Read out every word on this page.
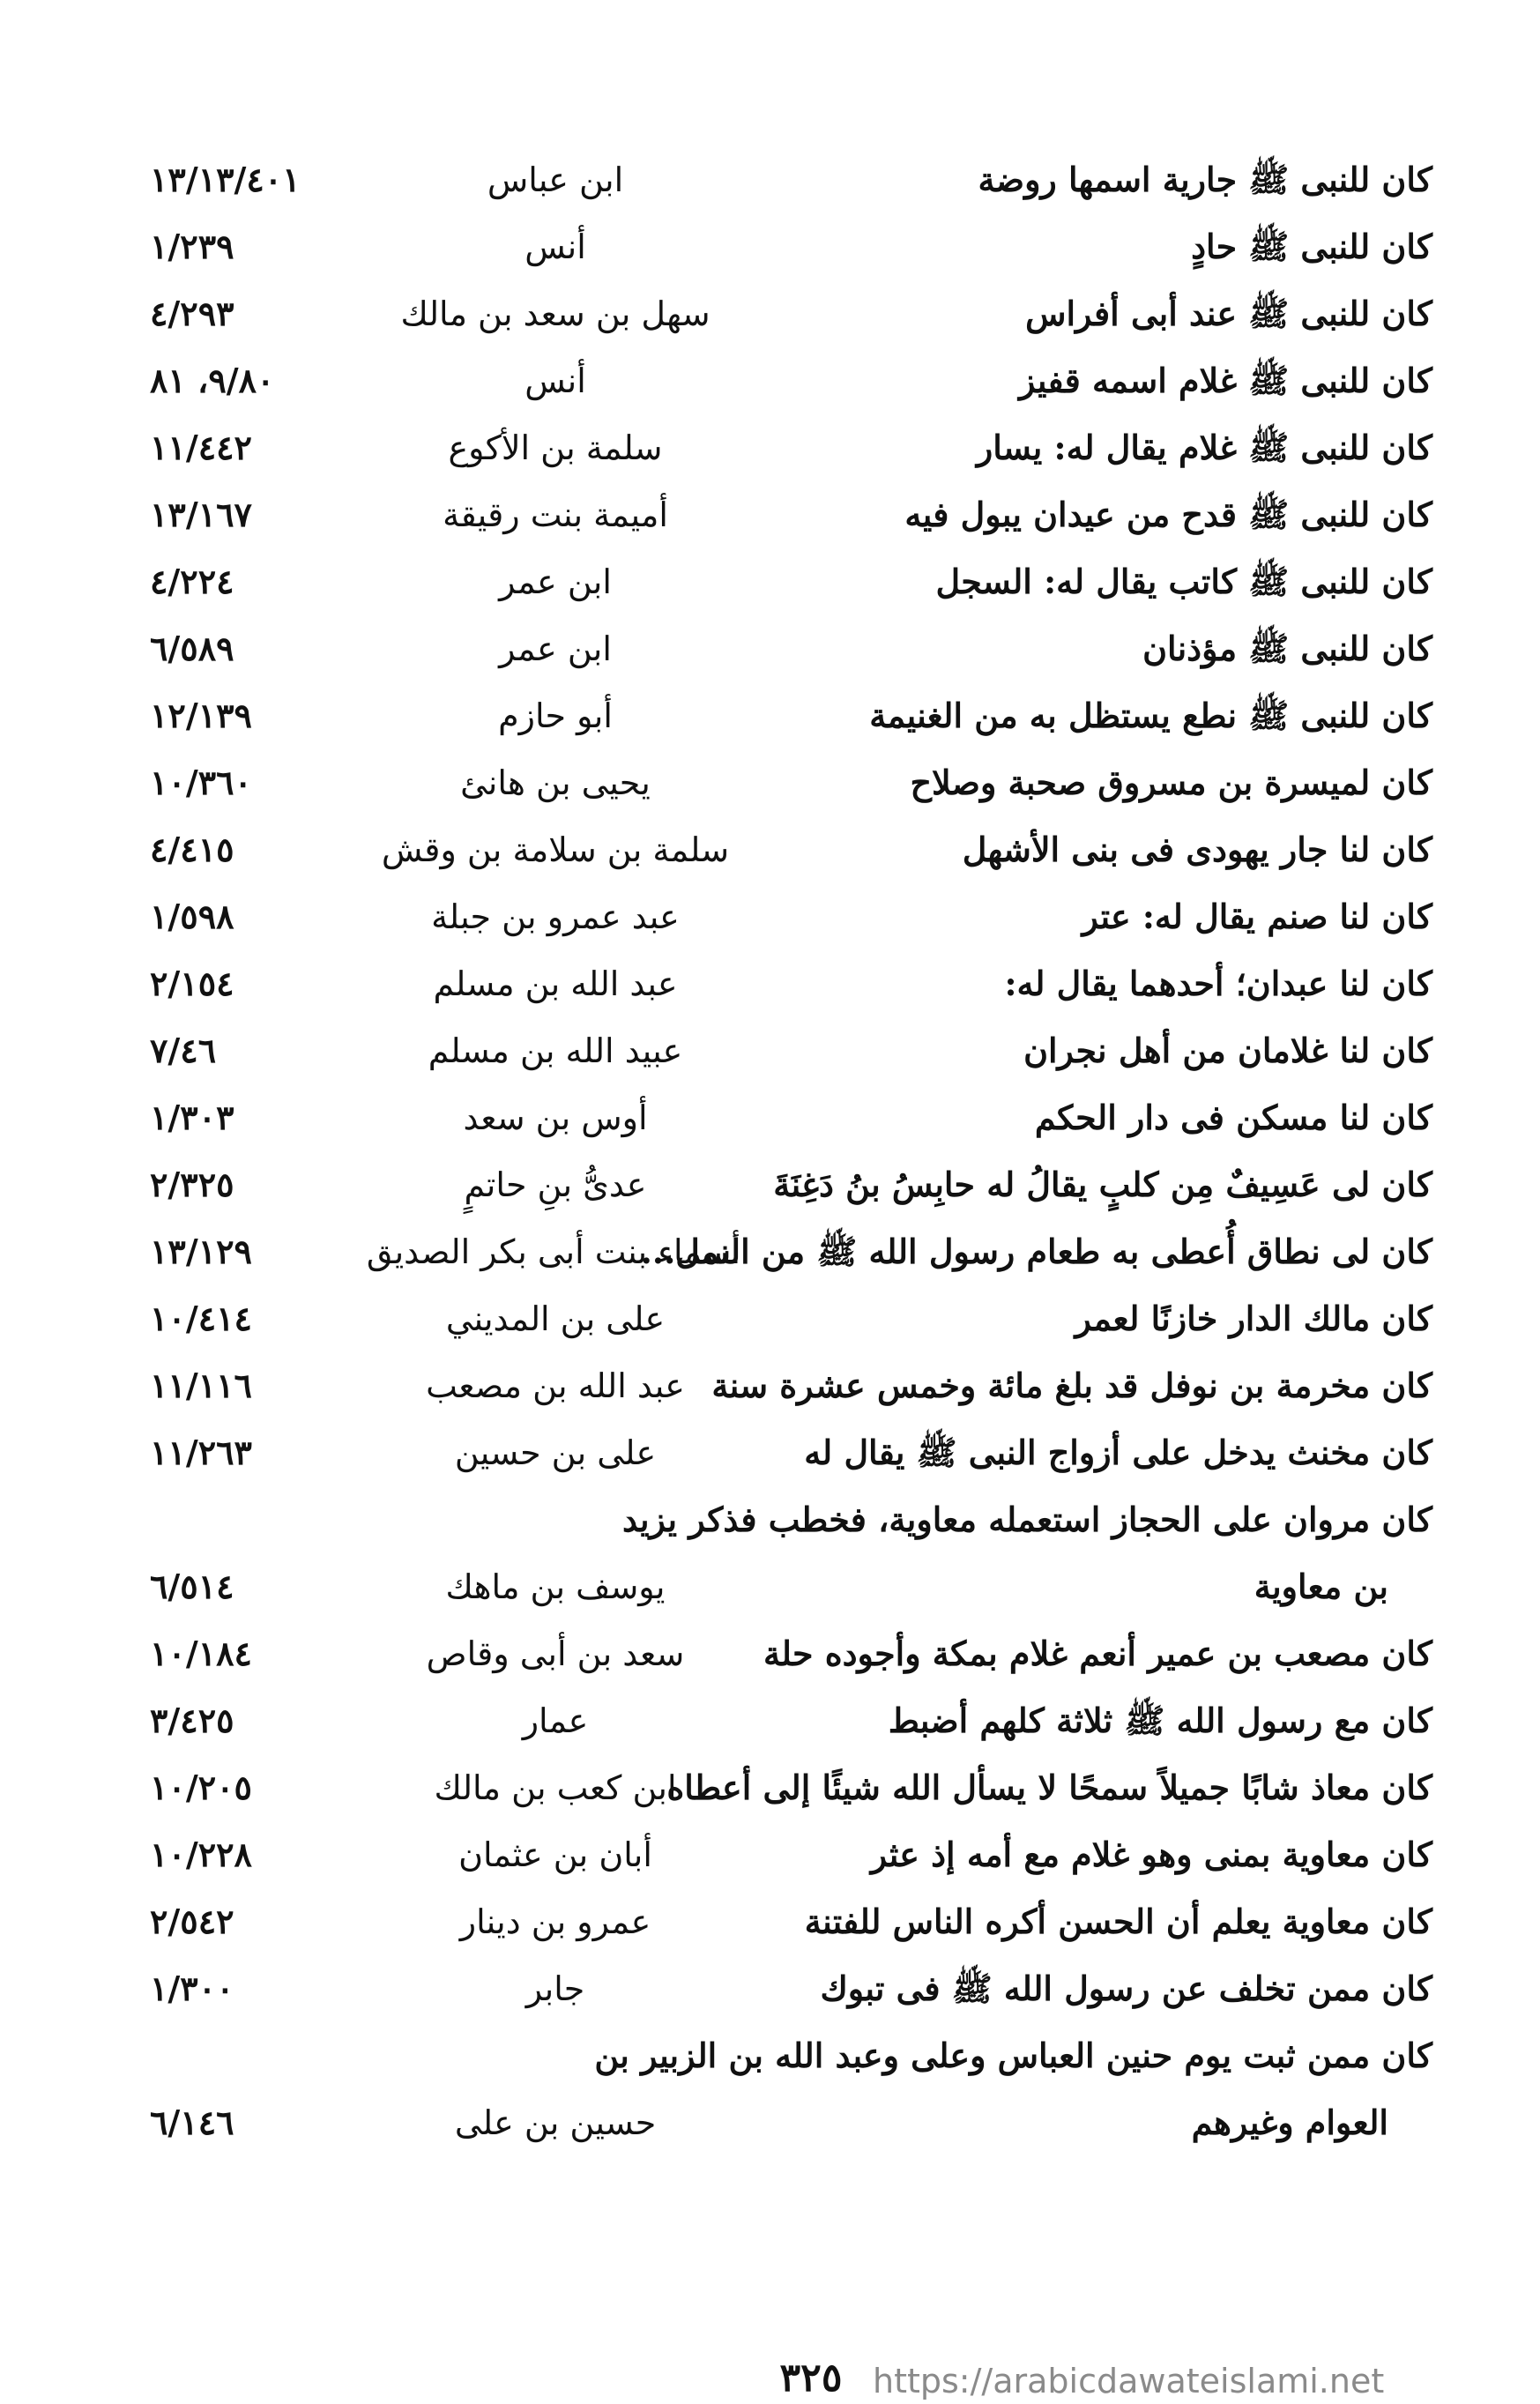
كان للنبى ﷺ جارية اسمها روضة
ابن عباس
١٣/١٣/٤٠١
كان للنبى ﷺ حادٍ
أنس
١/٢٣٩
كان للنبى ﷺ عند أبى أفراس
سهل بن سعد بن مالك
٤/٢٩٣
كان للنبى ﷺ غلام اسمه قفيز
أنس
٩/٨٠، ٨١
كان للنبى ﷺ غلام يقال له: يسار
سلمة بن الأكوع
١١/٤٤٢
كان للنبى ﷺ قدح من عيدان يبول فيه
أميمة بنت رقيقة
١٣/١٦٧
كان للنبى ﷺ كاتب يقال له: السجل
ابن عمر
٤/٢٢٤
كان للنبى ﷺ مؤذنان
ابن عمر
٦/٥٨٩
كان للنبى ﷺ نطع يستظل به من الغنيمة
أبو حازم
١٢/١٣٩
كان لميسرة بن مسروق صحبة وصلاح
يحيى بن هانئ
١٠/٣٦٠
كان لنا جار يهودى فى بنى الأشهل
سلمة بن سلامة بن وقش
٤/٤١٥
كان لنا صنم يقال له: عتر
عبد عمرو بن جبلة
١/٥٩٨
كان لنا عبدان؛ أحدهما يقال له:
عبد الله بن مسلم
٢/١٥٤
كان لنا غلامان من أهل نجران
عبيد الله بن مسلم
٧/٤٦
كان لنا مسكن فى دار الحكم
أوس بن سعد
١/٣٠٣
كان لى عَسِيفٌ مِن كلبٍ يقالُ له حابِسُ بنُ دَغِنَةَ
عدىُّ بنِ حاتمٍ
٢/٣٢٥
كان لى نطاق أُعطى به طعام رسول الله ﷺ من النمل...
أسماء بنت أبى بكر الصديق
١٣/١٢٩
كان مالك الدار خازنًا لعمر
على بن المديني
١٠/٤١٤
كان مخرمة بن نوفل قد بلغ مائة وخمس عشرة سنة
عبد الله بن مصعب
١١/١١٦
كان مخنث يدخل على أزواج النبى ﷺ يقال له
على بن حسين
١١/٢٦٣
كان مروان على الحجاز استعمله معاوية، فخطب فذكر يزيد
بن معاوية
يوسف بن ماهك
٦/٥١٤
كان مصعب بن عمير أنعم غلام بمكة وأجوده حلة
سعد بن أبى وقاص
١٠/١٨٤
كان مع رسول الله ﷺ ثلاثة كلهم أضبط
عمار
٣/٤٢٥
كان معاذ شابًا جميلاً سمحًا لا يسأل الله شيئًا إلى أعطاه
ابن كعب بن مالك
١٠/٢٠٥
كان معاوية بمنى وهو غلام مع أمه إذ عثر
أبان بن عثمان
١٠/٢٢٨
كان معاوية يعلم أن الحسن أكره الناس للفتنة
عمرو بن دينار
٢/٥٤٢
كان ممن تخلف عن رسول الله ﷺ فى تبوك
جابر
١/٣٠٠
كان ممن ثبت يوم حنين العباس وعلى وعبد الله بن الزبير بن
العوام وغيرهم
حسين بن على
٦/١٤٦
٣٢٥ https://arabicdawateislami.net
